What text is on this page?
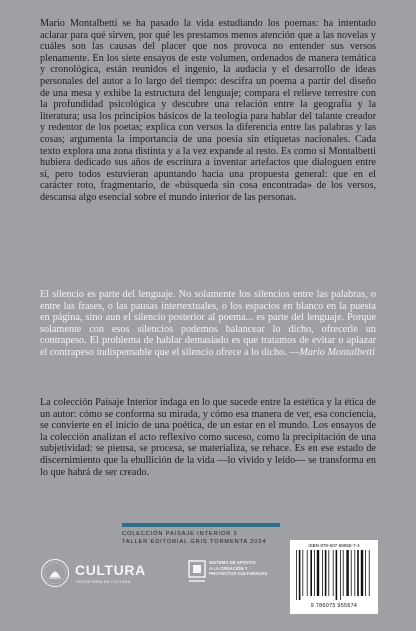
Mario Montalbetti se ha pasado la vida estudiando los poemas: ha intentado aclarar para qué sirven, por qué les prestamos menos atención que a las novelas y cuáles son las causas del placer que nos provoca no entender sus versos plenamente. En los siete ensayos de este volumen, ordenados de manera temática y cronológica, están reunidos el ingenio, la audacia y el desarrollo de ideas personales del autor a lo largo del tiempo: descifra un poema a partir del diseño de una mesa y exhibe la estructura del lenguaje; compara el relieve terrestre con la profundidad psicológica y descubre una relación entre la geografía y la literatura; usa los principios básicos de la teología para hablar del talante creador y redentor de los poetas; explica con versos la diferencia entre las palabras y las cosas; argumenta la importancia de una poesía sin etiquetas nacionales. Cada texto explora una zona distinta y a la vez expande al resto. Es como si Montalbetti hubiera dedicado sus años de escritura a inventar artefactos que dialoguen entre sí, pero todos estuvieran apuntando hacia una propuesta general: que en el carácter roto, fragmentario, de «búsqueda sin cosa encontrada» de los versos, descansa algo esencial sobre el mundo interior de las personas.

El silencio es parte del lenguaje. No solamente los silencios entre las palabras, o entre las frases, o las pausas intertextuales, o los espacios en blanco en la puesta en página, sino aun el silencio posterior al poema... es parte del lenguaje. Porque solamente con esos silencios podemos balancear lo dicho, ofrecerle un contrapeso. El problema de hablar demasiado es que tratamos de evitar o aplazar el contrapeso indispensable que el silencio ofrece a lo dicho. —Mario Montalbetti

La colección Paisaje Interior indaga en lo que sucede entre la estética y la ética de un autor: cómo se conforma su mirada, y cómo esa manera de ver, esa conciencia, se convierte en el inicio de una poética, de un estar en el mundo. Los ensayos de la colección analizan el acto reflexivo como suceso, como la precipitación de una subjetividad: se piensa, se procesa, se materializa, se rehace. Es en ese estado de discernimiento que la ebullición de la vida —lo vivido y leído— se transforma en lo que habrá de ser creado.

COLECCIÓN PAISAJE INTERIOR 3
TALLER EDITORIAL GRIS TORMENTA 2024
CULTURA
SECRETARÍA DE CULTURA
SISTEMA DE APOYOS
A LA CREACIÓN Y
PROYECTOS CULTURALES
ISBN 978-607-59556-7-4
9 786075 955674
